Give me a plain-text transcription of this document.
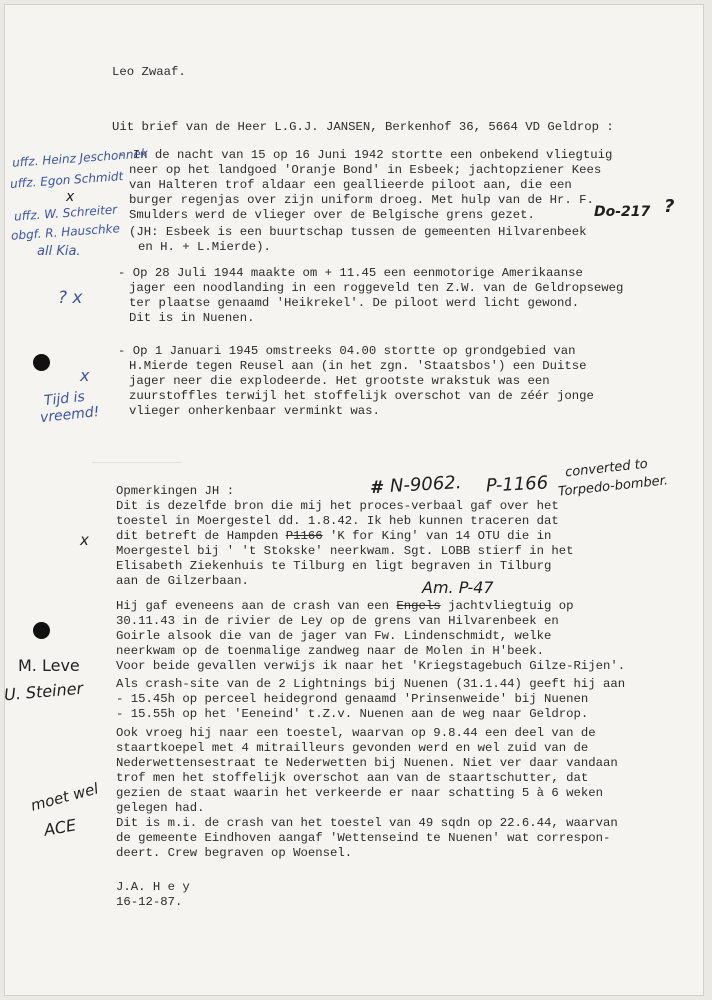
Leo Zwaaf.
Uit brief van de Heer L.G.J. JANSEN, Berkenhof 36, 5664 VD Geldrop :
- In de nacht van 15 op 16 Juni 1942 stortte een onbekend vliegtuig
neer op het landgoed 'Oranje Bond' in Esbeek; jachtopziener Kees
van Halteren trof aldaar een geallieerde piloot aan, die een
burger regenjas over zijn uniform droeg. Met hulp van de Hr. F.
Smulders werd de vlieger over de Belgische grens gezet.
(JH: Esbeek is een buurtschap tussen de gemeenten Hilvarenbeek
en H. + L.Mierde).
- Op 28 Juli 1944 maakte om + 11.45 een eenmotorige Amerikaanse
jager een noodlanding in een roggeveld ten Z.W. van de Geldropseweg
ter plaatse genaamd 'Heikrekel'. De piloot werd licht gewond.
Dit is in Nuenen.
- Op 1 Januari 1945 omstreeks 04.00 stortte op grondgebied van
H.Mierde tegen Reusel aan (in het zgn. 'Staatsbos') een Duitse
jager neer die explodeerde. Het grootste wrakstuk was een
zuurstoffles terwijl het stoffelijk overschot van de zéér jonge
vlieger onherkenbaar verminkt was.
Opmerkingen JH :
Dit is dezelfde bron die mij het proces-verbaal gaf over het
toestel in Moergestel dd. 1.8.42. Ik heb kunnen traceren dat
dit betreft de Hampden P1166 'K for King' van 14 OTU die in
Moergestel bij ' 't Stokske' neerkwam. Sgt. LOBB stierf in het
Elisabeth Ziekenhuis te Tilburg en ligt begraven in Tilburg
aan de Gilzerbaan.
Hij gaf eveneens aan de crash van een Engels jachtvliegtuig op
30.11.43 in de rivier de Ley op de grens van Hilvarenbeek en
Goirle alsook die van de jager van Fw. Lindenschmidt, welke
neerkwam op de toenmalige zandweg naar de Molen in H'beek.
Voor beide gevallen verwijs ik naar het 'Kriegstagebuch Gilze-Rijen'.
Als crash-site van de 2 Lightnings bij Nuenen (31.1.44) geeft hij aan
- 15.45h op perceel heidegrond genaamd 'Prinsenweide' bij Nuenen
- 15.55h op het 'Eeneind' t.Z.v. Nuenen aan de weg naar Geldrop.
Ook vroeg hij naar een toestel, waarvan op 9.8.44 een deel van de
staartkoepel met 4 mitrailleurs gevonden werd en wel zuid van de
Nederwettensestraat te Nederwetten bij Nuenen. Niet ver daar vandaan
trof men het stoffelijk overschot aan van de staartschutter, dat
gezien de staat waarin het verkeerde er naar schatting 5 à 6 weken
gelegen had.
Dit is m.i. de crash van het toestel van 49 sqdn op 22.6.44, waarvan
de gemeente Eindhoven aangaf 'Wettenseind te Nuenen' wat correspon-
deert. Crew begraven op Woensel.
J.A. H e y
16-12-87.
uffz. Heinz Jeschonnek
uffz. Egon Schmidt
uffz. W. Schreiter
obgf. R. Hauschke
all Kia.
x
Do-217 ?
? x
x
Tijd is
vreemd!
# N-9062. P-1166
converted to
Torpedo-bomber.
x
Am. P-47
M. Leve
U. Steiner
moet wel
ACE
